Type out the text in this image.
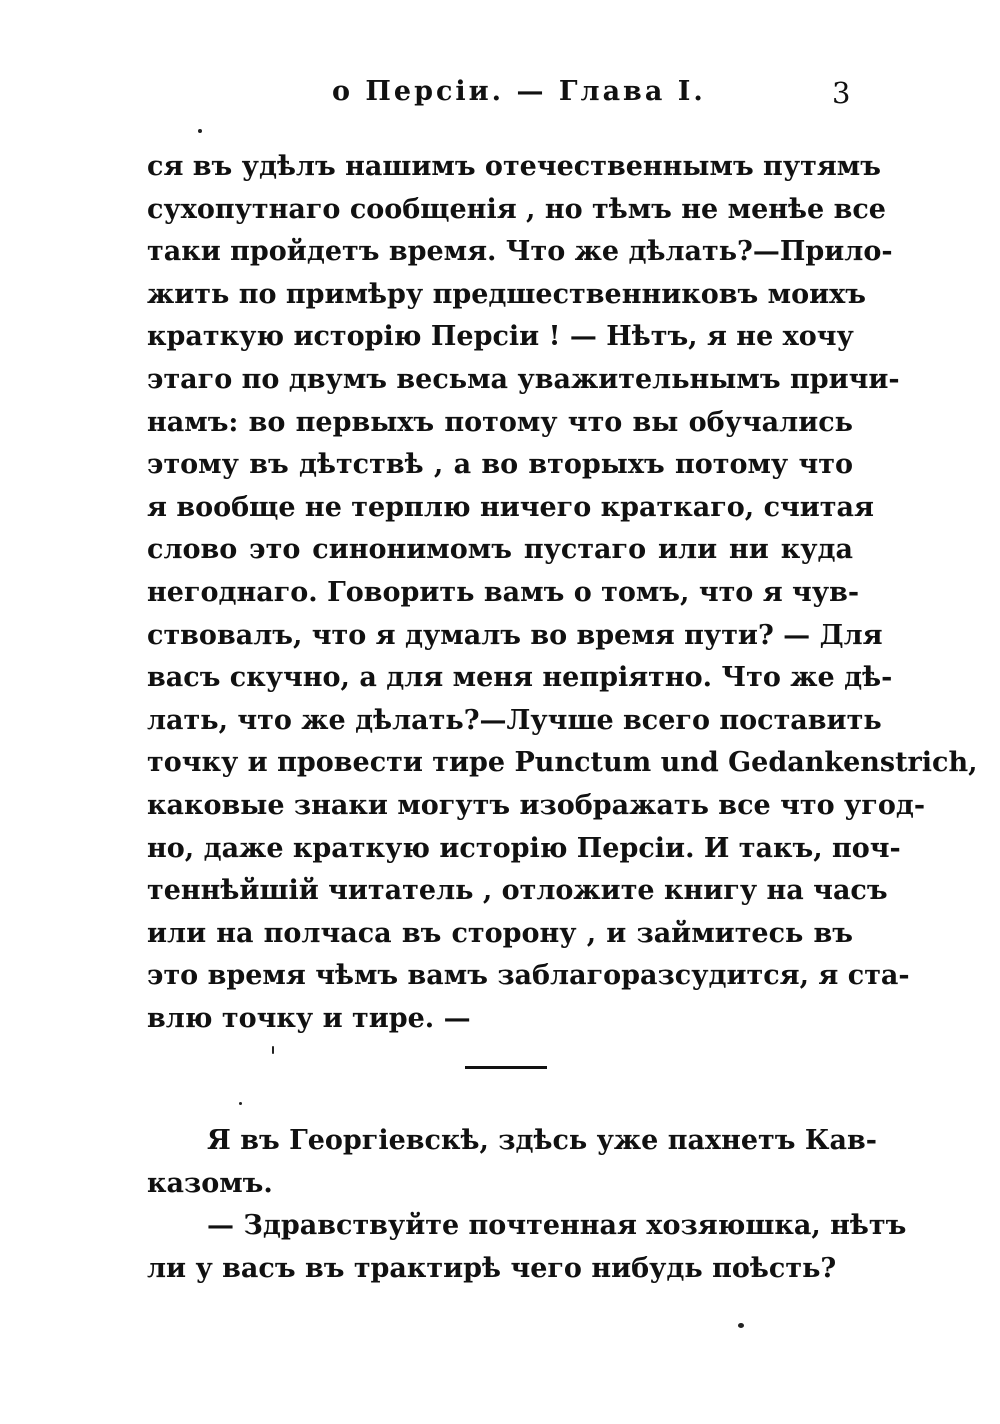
о Персіи. — Глава I.	3
ся въ удѣлъ нашимъ отечественнымъ путямъ
сухопутнаго сообщенія , но тѣмъ не менѣе все
таки пройдетъ время. Что же дѣлать?—Прило-
жить по примѣру предшественниковъ моихъ
краткую исторію Персіи ! — Нѣтъ, я не хочу
этаго по двумъ весьма уважительнымъ причи-
намъ: во первыхъ потому что вы обучались
этому въ дѣтствѣ , а во вторыхъ потому что
я вообще не терплю ничего краткаго, считая
слово это синонимомъ пустаго или ни куда
негоднаго. Говорить вамъ о томъ, что я чув-
ствовалъ, что я думалъ во время пути? — Для
васъ скучно, а для меня непріятно. Что же дѣ-
лать, что же дѣлать?—Лучше всего поставить
точку и провести тире Punctum und Gedankenstrich,
каковые знаки могутъ изображать все что угод-
но, даже краткую исторію Персіи. И такъ, поч-
теннѣйшій читатель , отложите книгу на часъ
или на полчаса въ сторону , и займитесь въ
это время чѣмъ вамъ заблагоразсудится, я ста-
влю точку и тире. —
Я въ Георгіевскѣ, здѣсь уже пахнетъ Кав-
казомъ.
— Здравствуйте почтенная хозяюшка, нѣтъ
ли у васъ въ трактирѣ чего нибудь поѣсть?
